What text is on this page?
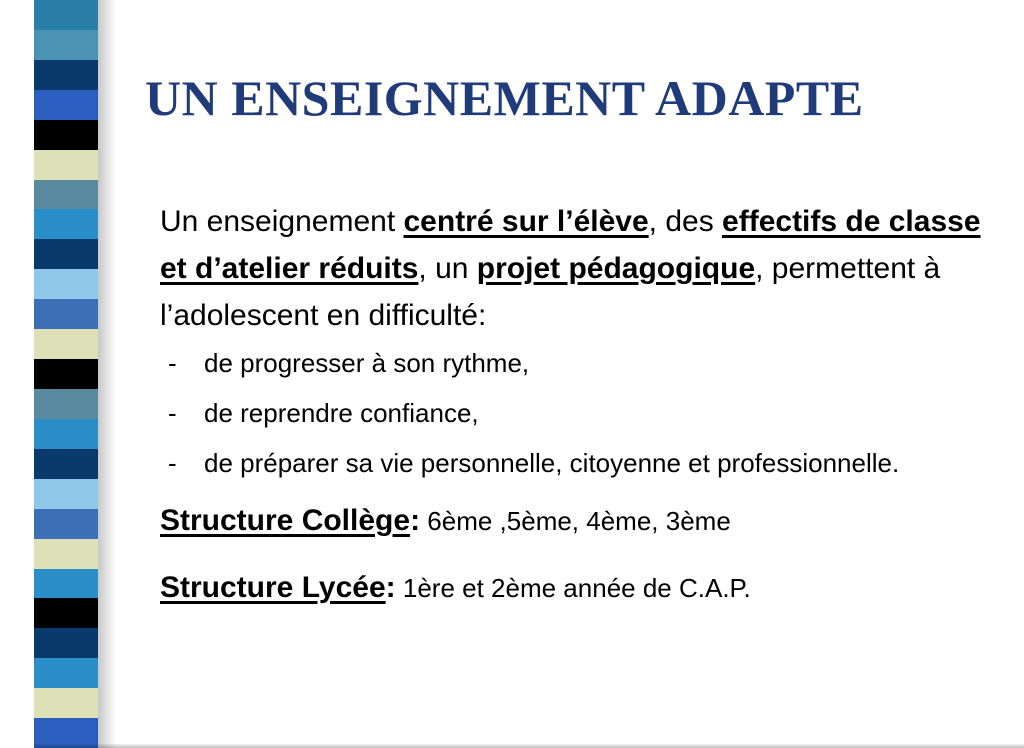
UN ENSEIGNEMENT ADAPTE

Un enseignement centré sur l’élève, des effectifs de classe et d’atelier réduits, un projet pédagogique, permettent à l’adolescent en difficulté:

-	de progresser à son rythme,
-	de reprendre confiance,
-	de préparer sa vie personnelle, citoyenne et professionnelle.
Structure Collège: 6ème ,5ème, 4ème, 3ème
Structure Lycée: 1ère et 2ème année de C.A.P.
